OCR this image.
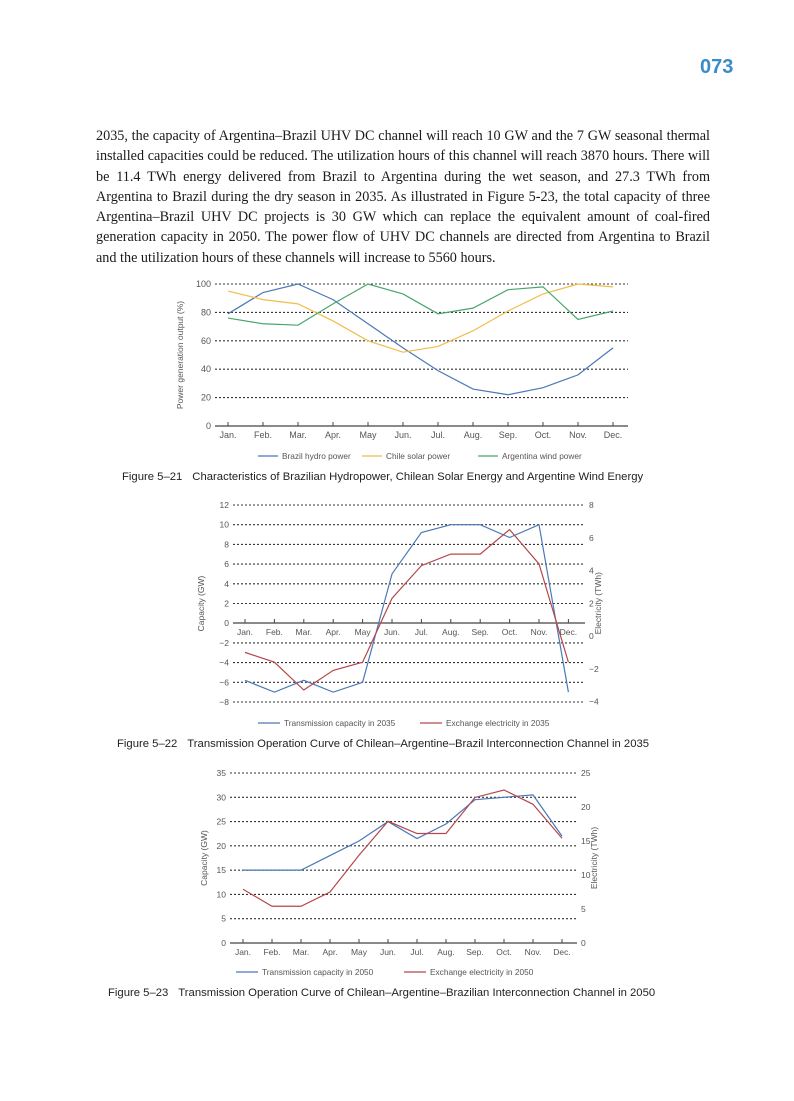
073

2035, the capacity of Argentina–Brazil UHV DC channel will reach 10 GW and the 7 GW seasonal thermal installed capacities could be reduced. The utilization hours of this channel will reach 3870 hours. There will be 11.4 TWh energy delivered from Brazil to Argentina during the wet season, and 27.3 TWh from Argentina to Brazil during the dry season in 2035. As illustrated in Figure 5-23, the total capacity of three Argentina–Brazil UHV DC projects is 30 GW which can replace the equivalent amount of coal-fired generation capacity in 2050. The power flow of UHV DC channels are directed from Argentina to Brazil and the utilization hours of these channels will increase to 5560 hours.

0
20
40
60
80
100
Jan. Feb. Mar. Apr. May Jun. Jul. Aug. Sep. Oct. Nov. Dec.
Power generation output (%)
Brazil hydro power	Chile solar power	Argentina wind power
Figure 5–21 Characteristics of Brazilian Hydropower, Chilean Solar Energy and Argentine Wind Energy
−8
−6
−4
−2
0
2
4
6
8
10
12
−4
−2
0
2
4
6
8
Jan. Feb. Mar. Apr. May Jun. Jul. Aug. Sep. Oct. Nov. Dec.
Capacity (GW)	Electricity (TWh)
Transmission capacity in 2035	Exchange electricity in 2035
Figure 5–22 Transmission Operation Curve of Chilean–Argentine–Brazil Interconnection Channel in 2035
0
5
10
15
20
25
30
35
0
5
10
15
20
25
Jan. Feb. Mar. Apr. May Jun. Jul. Aug. Sep. Oct. Nov. Dec.
Capacity (GW)	Electricity (TWh)
Transmission capacity in 2050	Exchange electricity in 2050
Figure 5–23 Transmission Operation Curve of Chilean–Argentine–Brazilian Interconnection Channel in 2050
